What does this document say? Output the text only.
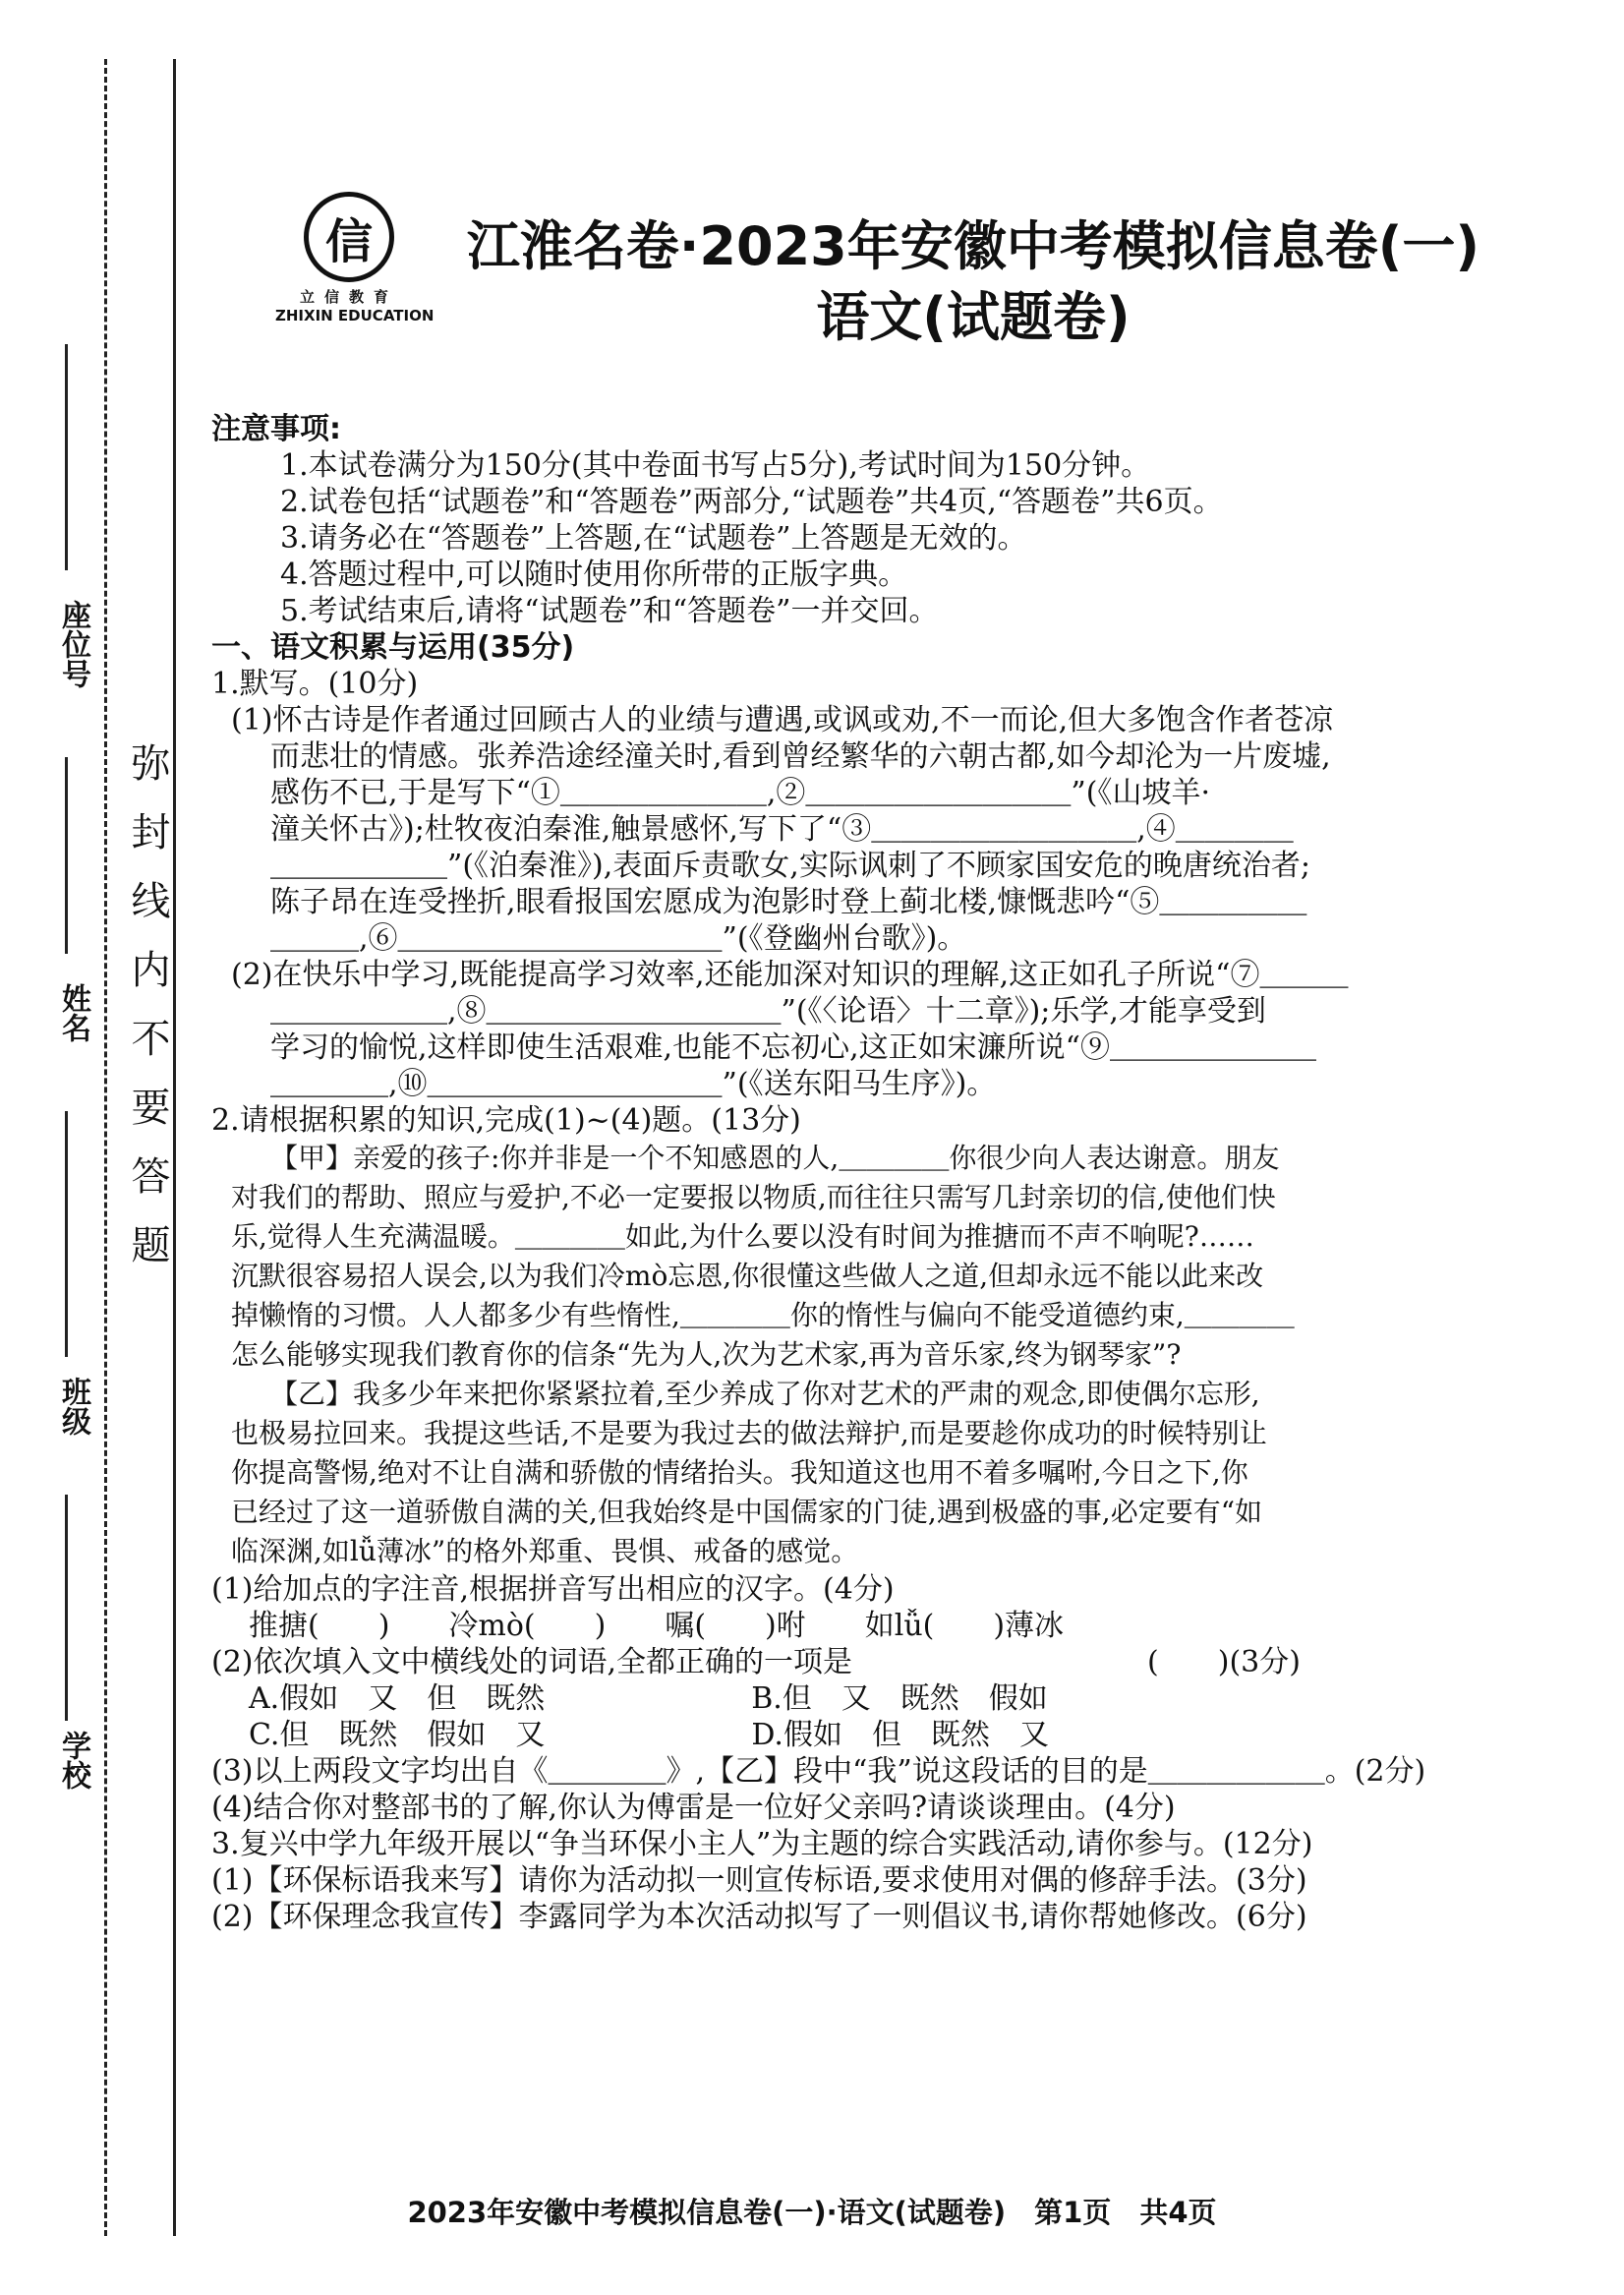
座位号
姓名
班级
学校
弥封线内不要答题
信
立信教育
ZHIXIN EDUCATION
江淮名卷·2023年安徽中考模拟信息卷(一)
语文(试题卷)

注意事项:

1.本试卷满分为150分(其中卷面书写占5分),考试时间为150分钟。

2.试卷包括“试题卷”和“答题卷”两部分,“试题卷”共4页,“答题卷”共6页。

3.请务必在“答题卷”上答题,在“试题卷”上答题是无效的。

4.答题过程中,可以随时使用你所带的正版字典。

5.考试结束后,请将“试题卷”和“答题卷”一并交回。

一、语文积累与运用(35分)

1.默写。(10分)

(1)怀古诗是作者通过回顾古人的业绩与遭遇,或讽或劝,不一而论,但大多饱含作者苍凉

而悲壮的情感。张养浩途经潼关时,看到曾经繁华的六朝古都,如今却沦为一片废墟,

感伤不已,于是写下“①＿＿＿＿＿＿＿,②＿＿＿＿＿＿＿＿＿”(《山坡羊·

潼关怀古》);杜牧夜泊秦淮,触景感怀,写下了“③＿＿＿＿＿＿＿＿＿,④＿＿＿＿

＿＿＿＿＿＿”(《泊秦淮》),表面斥责歌女,实际讽刺了不顾家国安危的晚唐统治者;

陈子昂在连受挫折,眼看报国宏愿成为泡影时登上蓟北楼,慷慨悲吟“⑤＿＿＿＿＿

＿＿＿,⑥＿＿＿＿＿＿＿＿＿＿＿”(《登幽州台歌》)。

(2)在快乐中学习,既能提高学习效率,还能加深对知识的理解,这正如孔子所说“⑦＿＿＿

＿＿＿＿＿＿,⑧＿＿＿＿＿＿＿＿＿＿”(《〈论语〉十二章》);乐学,才能享受到

学习的愉悦,这样即使生活艰难,也能不忘初心,这正如宋濂所说“⑨＿＿＿＿＿＿＿

＿＿＿＿,⑩＿＿＿＿＿＿＿＿＿＿”(《送东阳马生序》)。

2.请根据积累的知识,完成(1)~(4)题。(13分)

【甲】亲爱的孩子:你并非是一个不知感恩的人,＿＿＿＿你很少向人表达谢意。朋友

对我们的帮助、照应与爱护,不必一定要报以物质,而往往只需写几封亲切的信,使他们快

乐,觉得人生充满温暖。＿＿＿＿如此,为什么要以没有时间为推搪而不声不响呢?……

沉默很容易招人误会,以为我们冷mò忘恩,你很懂这些做人之道,但却永远不能以此来改

掉懒惰的习惯。人人都多少有些惰性,＿＿＿＿你的惰性与偏向不能受道德约束,＿＿＿＿

怎么能够实现我们教育你的信条“先为人,次为艺术家,再为音乐家,终为钢琴家”?

【乙】我多少年来把你紧紧拉着,至少养成了你对艺术的严肃的观念,即使偶尔忘形,

也极易拉回来。我提这些话,不是要为我过去的做法辩护,而是要趁你成功的时候特别让

你提高警惕,绝对不让自满和骄傲的情绪抬头。我知道这也用不着多嘱咐,今日之下,你

已经过了这一道骄傲自满的关,但我始终是中国儒家的门徒,遇到极盛的事,必定要有“如

临深渊,如lǚ薄冰”的格外郑重、畏惧、戒备的感觉。

(1)给加点的字注音,根据拼音写出相应的汉字。(4分)

推搪(　　)　　冷mò(　　)　　嘱(　　)咐　　如lǚ(　　)薄冰

(2)依次填入文中横线处的词语,全都正确的一项是　　　　　　　　　　(　　)(3分)

A.假如　又　但　既然　　　　　　　B.但　又　既然　假如

C.但　既然　假如　又　　　　　　　D.假如　但　既然　又

(3)以上两段文字均出自《＿＿＿＿》,【乙】段中“我”说这段话的目的是＿＿＿＿＿＿。(2分)

(4)结合你对整部书的了解,你认为傅雷是一位好父亲吗?请谈谈理由。(4分)

3.复兴中学九年级开展以“争当环保小主人”为主题的综合实践活动,请你参与。(12分)

(1)【环保标语我来写】请你为活动拟一则宣传标语,要求使用对偶的修辞手法。(3分)

(2)【环保理念我宣传】李露同学为本次活动拟写了一则倡议书,请你帮她修改。(6分)

2023年安徽中考模拟信息卷(一)·语文(试题卷)　第1页　共4页
